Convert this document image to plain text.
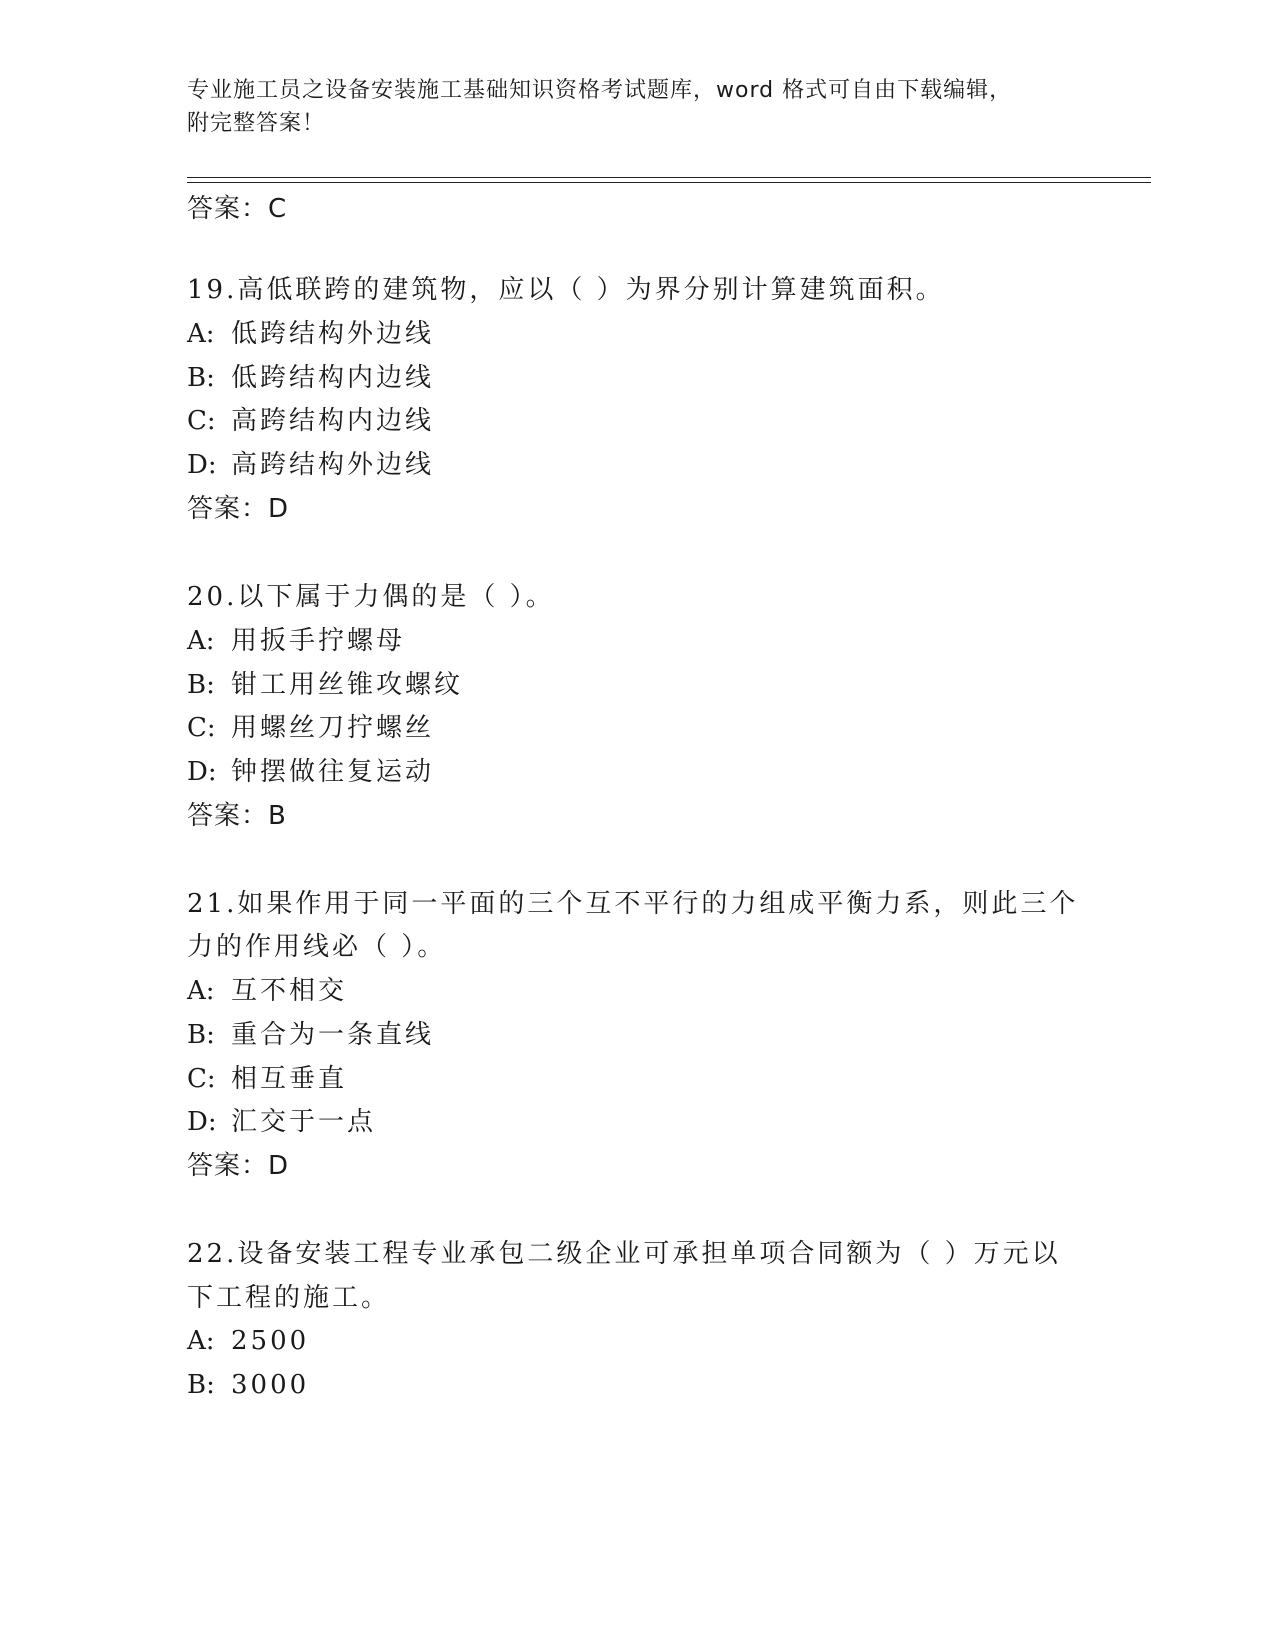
专业施工员之设备安装施工基础知识资格考试题库，word 格式可自由下载编辑，
附完整答案！
答案：C
19.高低联跨的建筑物，应以（ ）为界分别计算建筑面积。
A: 低跨结构外边线
B: 低跨结构内边线
C: 高跨结构内边线
D: 高跨结构外边线
答案：D
20.以下属于力偶的是（ ）。
A: 用扳手拧螺母
B: 钳工用丝锥攻螺纹
C: 用螺丝刀拧螺丝
D: 钟摆做往复运动
答案：B
21.如果作用于同一平面的三个互不平行的力组成平衡力系，则此三个
力的作用线必（ ）。
A: 互不相交
B: 重合为一条直线
C: 相互垂直
D: 汇交于一点
答案：D
22.设备安装工程专业承包二级企业可承担单项合同额为（ ）万元以
下工程的施工。
A: 2500
B: 3000
